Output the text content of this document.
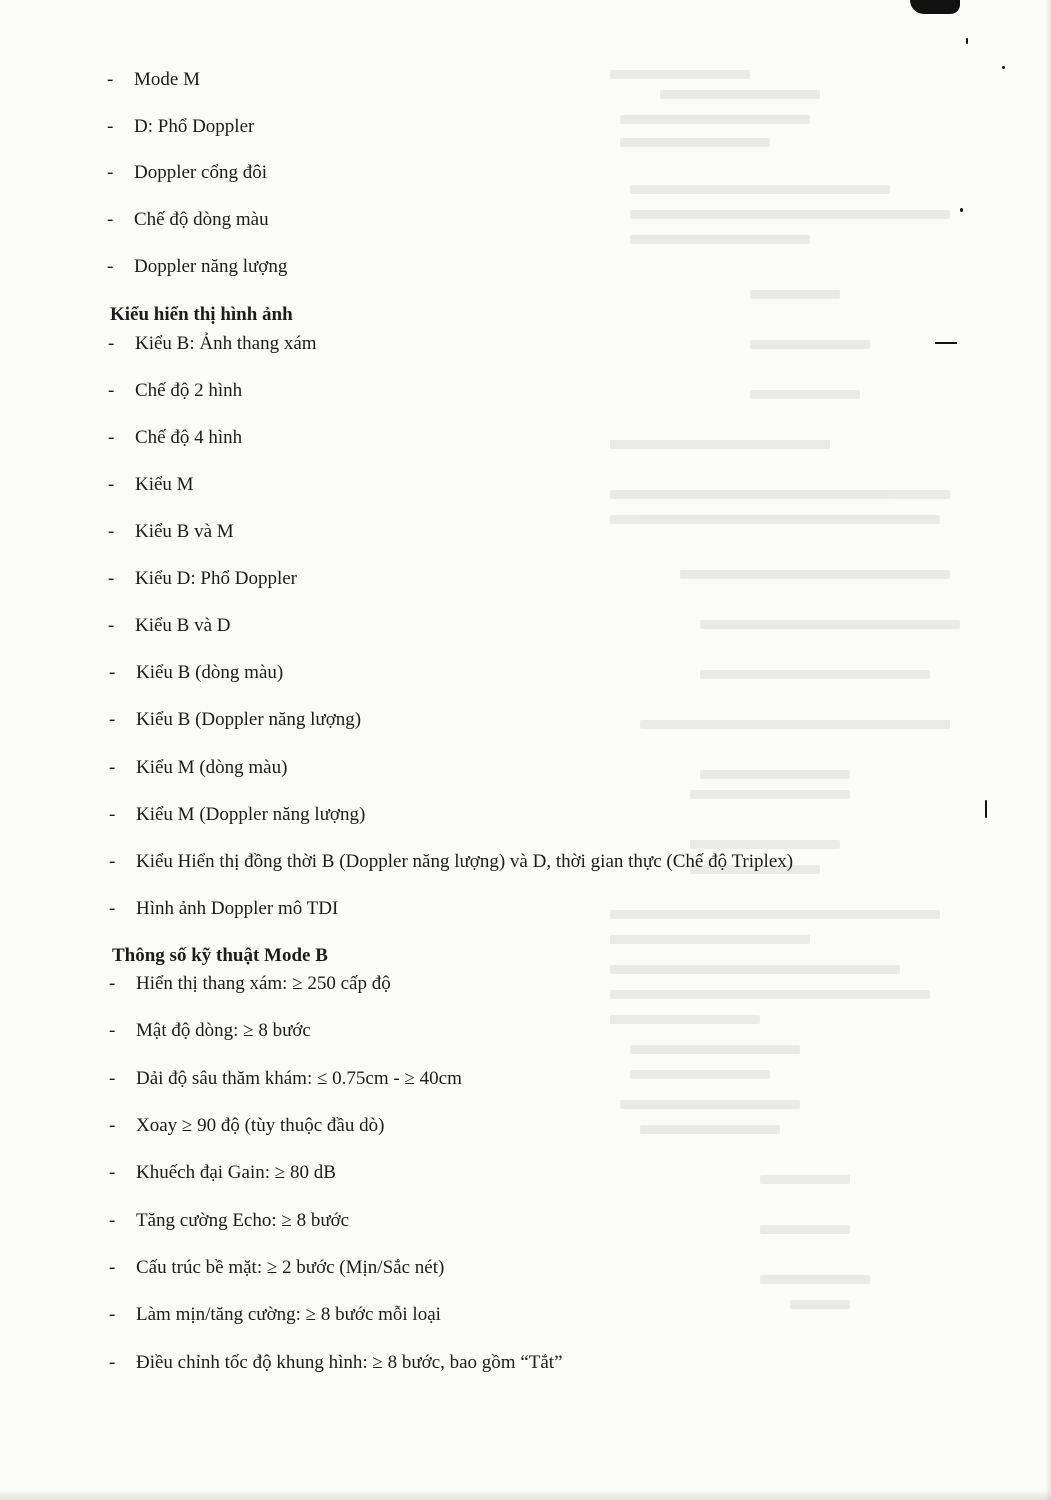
- Mode M
- D: Phổ Doppler
- Doppler cổng đôi
- Chế độ dòng màu
- Doppler năng lượng
Kiểu hiển thị hình ảnh
- Kiểu B: Ảnh thang xám
- Chế độ 2 hình
- Chế độ 4 hình
- Kiểu M
- Kiểu B và M
- Kiểu D: Phổ Doppler
- Kiểu B và D
- Kiểu B (dòng màu)
- Kiểu B (Doppler năng lượng)
- Kiểu M (dòng màu)
- Kiểu M (Doppler năng lượng)
- Kiểu Hiển thị đồng thời B (Doppler năng lượng) và D, thời gian thực (Chế độ Triplex)
- Hình ảnh Doppler mô TDI
Thông số kỹ thuật Mode B
- Hiển thị thang xám: ≥ 250 cấp độ
- Mật độ dòng: ≥ 8 bước
- Dải độ sâu thăm khám: ≤ 0.75cm - ≥ 40cm
- Xoay ≥ 90 độ (tùy thuộc đầu dò)
- Khuếch đại Gain: ≥ 80 dB
- Tăng cường Echo: ≥ 8 bước
- Cấu trúc bề mặt: ≥ 2 bước (Mịn/Sắc nét)
- Làm mịn/tăng cường: ≥ 8 bước mỗi loại
- Điều chỉnh tốc độ khung hình: ≥ 8 bước, bao gồm “Tắt”
